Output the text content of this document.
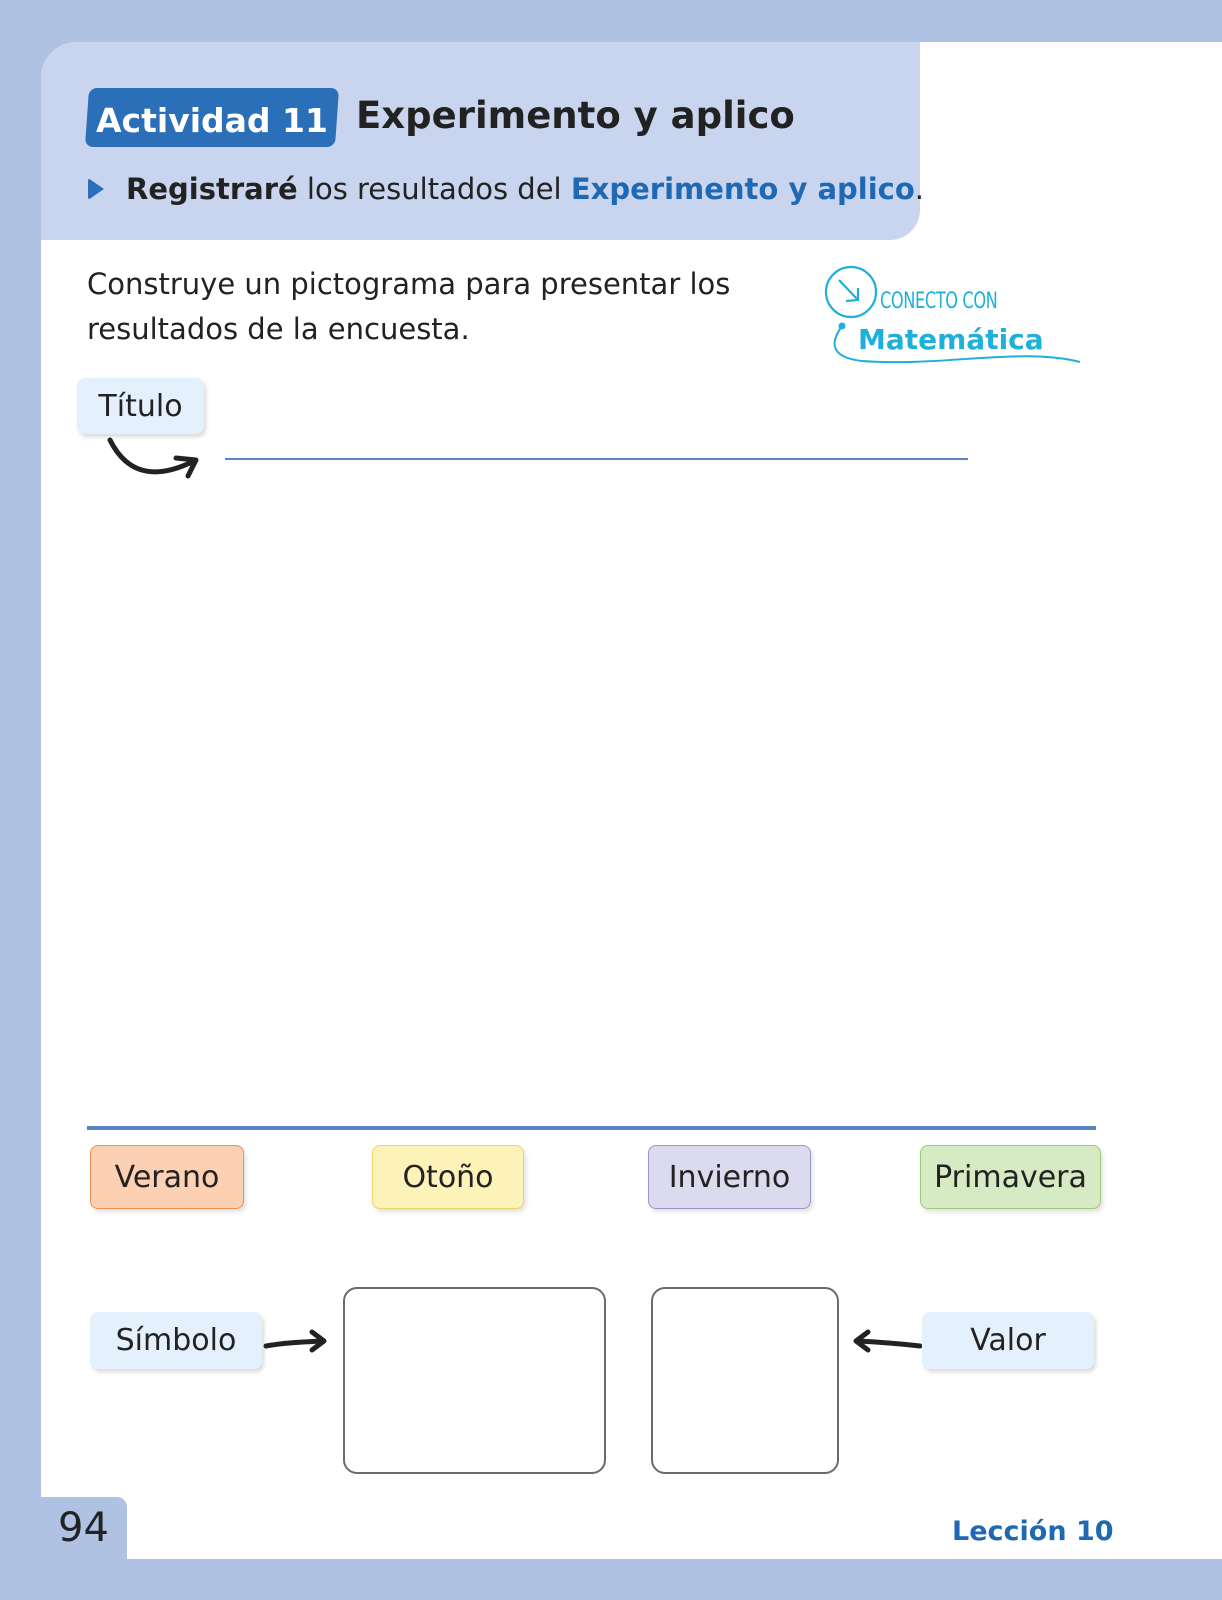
Actividad 11 Experimento y aplico
Registraré los resultados del Experimento y aplico .
Construye un pictograma para presentar los resultados de la encuesta.
CONECTO CON
Matemática
Título
Verano	Otoño	Invierno	Primavera
Símbolo	Valor
94	Lección 10
